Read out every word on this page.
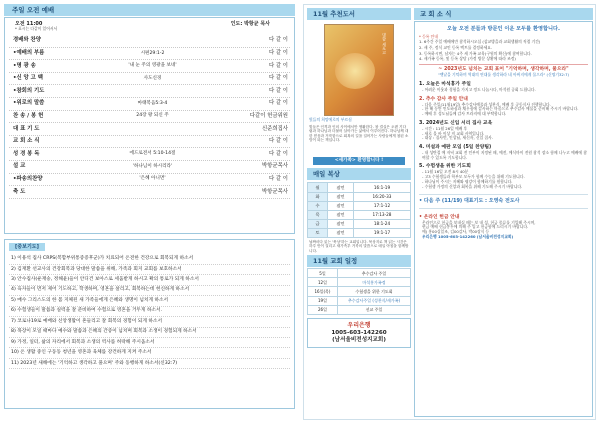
주일 오전 예배
오전 11:00	인도: 박항균 목사
* 표시는 다같이 일어서서
경배와 찬양	다 같 이
•예배의 부름	시편29:1-2	다 같 이
•명 광 송	'내 눈 주의 영광을 보네'	다 같 이
•신 앙 고 백	사도신경	다 같 이
•참회의 기도	다 같 이
•위로의 말씀	마태복음5:3-4	다 같 이
찬 송 / 봉 헌	24장 왕 되신 주	다같이 헌금위원
대 표 기 도	신준희집사
교 회 소 식	다 같 이
성 경 봉 독	에드로전서 5:10-14절	다 같 이
설 교	'하나님이 하시리라'	박항균목사
•파송의찬양	'은혜 아니면'	다 같 이
축 도	박항균목사
[중보기도]
1) 이용석 집사 CRPS(복합부위통증증후군)가 치료되어 온전한 건강으로 회복되게 하소서
2) 김재환 선교사의 건강회복과 당대한 말씀을 위해, 가족과 회지 교회를 보호하소서
3) 안수집사(운재숭, 정해윤)들이 안디건 보아스로 세움받게 하시고 확의 통로가 되게 하소서
4) 육자들이 먼저 제어 기도하고, 학생하며, 영혼을 살리고, 회복하는데 헌신하게 하소서
5) 매수 그리스도의 한 몸 지체된 새 가족들에게 은혜와 생명이 넘치게 하소서
6) 수험생들이 말씀과 실력을 잘 준비하여 수험으로 영혼을 거두게 하소서.
7) 코로나19로 예배와 신앙생활이 흔들리고 잘 회복의 경험이 되게 하소서
8) 목장이 모일 때마다 예수와 말씀과 은혜의 간증이 넘치며 회복과 소생이 경험되게 하소서
9) 가정, 일터, 삶의 자리에서 회복과 소생의 역사를 허락해 주시옵소서
10) 온 생활 중인 구동동 청년을 영혼과 육체를 강건하게 지켜 주소서
11) 2023년 새해에는 '기억하고 생각하고 풀으며' 주와 동행하게 하소서(신32:7)
11월 추천도서
명함 새포고
빛들의 희망에로의 부르심
빛들은 인격과 인의 사이에서만 생활한다. 참 결실은 오랜 기다림과 하나님과 더불어 살아가는 삶에서 이루어진다. 하나님께 대한 믿음과 거룩함으로 회복의 길을 걸어가는 사람들에게 참된 소망이 되는 책입니다.
<새가족> 환영합니다 !
매일 복상
월	잠언	16:1-19
화	잠언	16:20-33
수	잠언	17:1-12
목	잠언	17:13-28
금	잠언	18:1-24
토	잠언	19:1-17
날짜마다 읽는 '묵상'하는 교회입니다. 묵상지로 책 읽는 시간은 하루 만이 걸리고 새가족부 거룩의 말씀으로 매일 아침을 함께합니다.
11월 교회 일정
5일	추수감사 주일
12일	마석홍가족정
16일(목)	수험생을 위한 기도회
19일	추수감사주일 (성찬식/새가족)
26일	선교 주일
우리은행
1005-603-142260
(남서울비전성지교회)
교 회 소 식
오늘 오전 분들과 방문인 이운 모두를 환영합니다.
* 등록 안내
1. 6주간 주일 예배에만 참석하시오십 (삼교방을과 교회생활의 직접 기간)
2. 새 주, 정식 교인 등록 엑트를 결정하세요.
3. 등록하시면, 남자는 4주 새 가족 교육(구원의 확신)에 참여합니다.
4. 새가족 등록, 및 등록 상담 (가정 방문 상황에 따라 조정)
~ 2023년도 넘치는 교회 표어 "기억하며, 생각하며, 물으라"
"옛날을 기억하며 역대의 연대를 생각하라 네 아버지에게 물으라" (신명기32:7)
1. 오늘은 마석홍가 주일
- 어려운 이웃과 경험을 가지고 정도 나눕시다, 마석원 공회 드립니다.
2. 추수 감사 주일 안내
- 다음 주일(11월19일) 추수감사예물과 성찬식, 예배 후 공동식사 진행합니다.
- 한 해 동안 인도하심과 채우심에 감사하는 마음으로 추수감사 예물을 준비해 주시기 바랍니다.
- 예배 후 성도님들께 감사 트라지에 대 부탁합니다.
3. 2024년도 신입 서리 집사 교육
- 시간 : 11월 26일 예배 후
- 새로 올 바 이상 직 교회 사역입니다.
- 대상 : 집사번, 인상님, 새신자, 신입 집사.
4. 미설과 예판 모임 (5일 찬양팀)
- 내 성탄절 예 저녁 교회 전 인부이 지정된 때, 예전, 예식마이 전원 참석 장소 함께 나누고 예배에 참여할 수 있도록 기도합니다.
5. 수험생을 위한 기도회
- 11월 16일 오전 8시 40분
- 고3 수험생들과 학부모 모두가 함께 수능을 위해 기도합니다.
- 하나님이 주시는 지혜와 평강이 함께하기를 원합니다.
- 수험생 가정의 신앙과 회복을 위해 기도해 주시기 바랍니다.
• 다음 주 (11/19) 대표기도 : 오영숙 전도사
• 온라인 헌금 안내
온라인으로 헌금을 보내실 때는 보 내 성, 헌금 종류를 기입해 주시며,
현금 예배 헌금봉투에 의해 주 입고 헌금함에 드리시기 바랍니다.
예) 홍00십일조, 김00감사, 박00장식 등
우리은행 1005-603-142260 (남서울비전성지교회)
